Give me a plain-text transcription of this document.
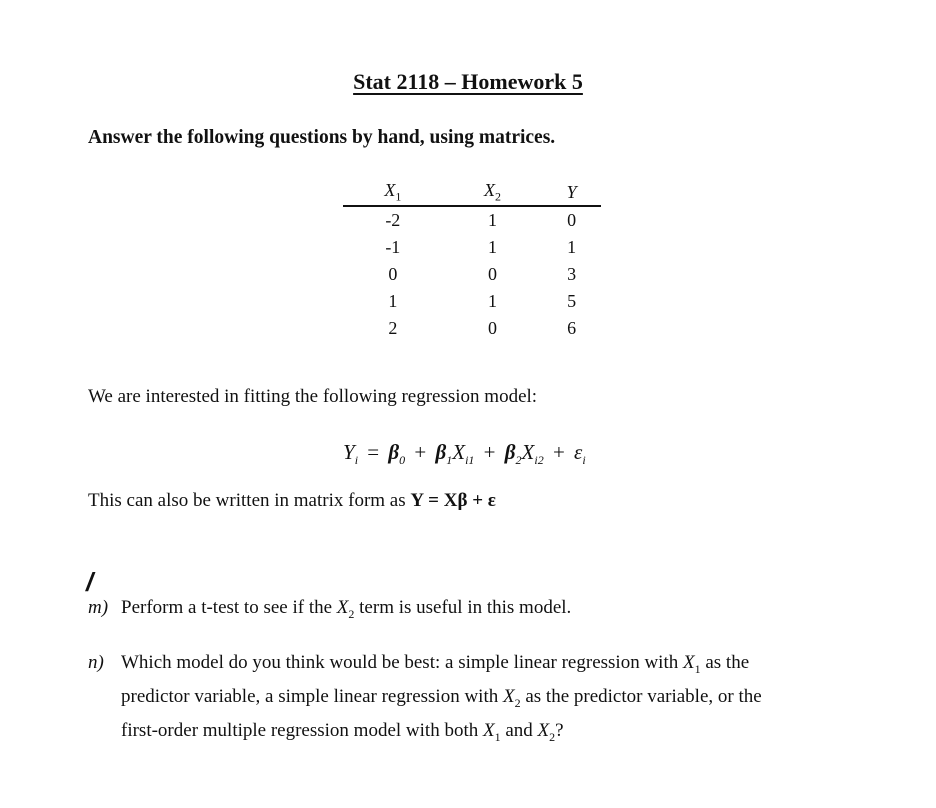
Stat 2118 – Homework 5
Answer the following questions by hand, using matrices.
$X_1$	$X_2$	Y
-2	1	0
-1	1	1
0	0	3
1	1	5
2	0	6
We are interested in fitting the following regression model:
$Y_i = \beta_0 + \beta_1X_{i1} + \beta_2X_{i2} + \varepsilon_i$
This can also be written in matrix form as Y = Xβ + ε
/
m) Perform a t-test to see if the $X_2$ term is useful in this model.
n) Which model do you think would be best: a simple linear regression with $X_1$ as the
predictor variable, a simple linear regression with $X_2$ as the predictor variable, or the
first-order multiple regression model with both $X_1$ and $X_2$?
